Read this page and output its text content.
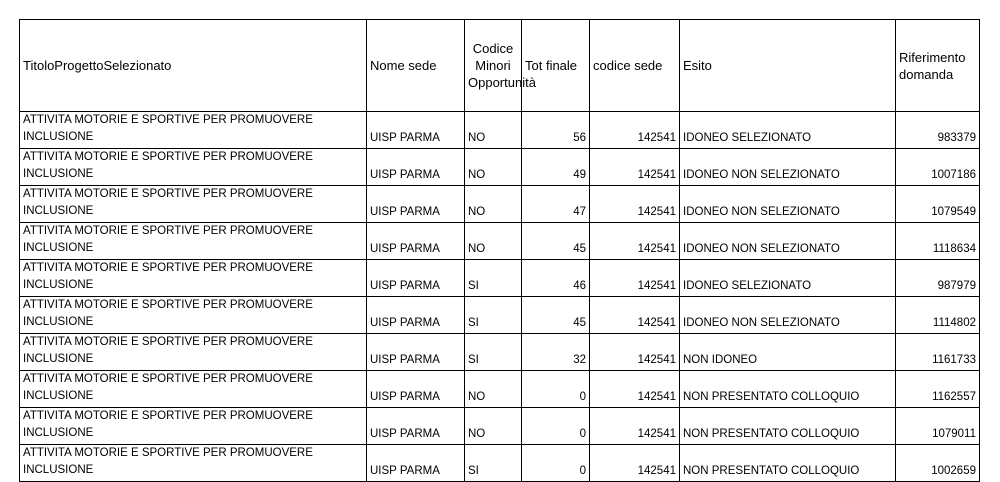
TitoloProgettoSelezionato	Nome sede	Codice Minori Opportunità	Tot finale	codice sede	Esito	Riferimento domanda
ATTIVITA MOTORIE E SPORTIVE PER PROMUOVERE INCLUSIONE	UISP PARMA	NO	56	142541	IDONEO SELEZIONATO	983379
ATTIVITA MOTORIE E SPORTIVE PER PROMUOVERE INCLUSIONE	UISP PARMA	NO	49	142541	IDONEO NON SELEZIONATO	1007186
ATTIVITA MOTORIE E SPORTIVE PER PROMUOVERE INCLUSIONE	UISP PARMA	NO	47	142541	IDONEO NON SELEZIONATO	1079549
ATTIVITA MOTORIE E SPORTIVE PER PROMUOVERE INCLUSIONE	UISP PARMA	NO	45	142541	IDONEO NON SELEZIONATO	1118634
ATTIVITA MOTORIE E SPORTIVE PER PROMUOVERE INCLUSIONE	UISP PARMA	SI	46	142541	IDONEO SELEZIONATO	987979
ATTIVITA MOTORIE E SPORTIVE PER PROMUOVERE INCLUSIONE	UISP PARMA	SI	45	142541	IDONEO NON SELEZIONATO	1114802
ATTIVITA MOTORIE E SPORTIVE PER PROMUOVERE INCLUSIONE	UISP PARMA	SI	32	142541	NON IDONEO	1161733
ATTIVITA MOTORIE E SPORTIVE PER PROMUOVERE INCLUSIONE	UISP PARMA	NO	0	142541	NON PRESENTATO COLLOQUIO	1162557
ATTIVITA MOTORIE E SPORTIVE PER PROMUOVERE INCLUSIONE	UISP PARMA	NO	0	142541	NON PRESENTATO COLLOQUIO	1079011
ATTIVITA MOTORIE E SPORTIVE PER PROMUOVERE INCLUSIONE	UISP PARMA	SI	0	142541	NON PRESENTATO COLLOQUIO	1002659
